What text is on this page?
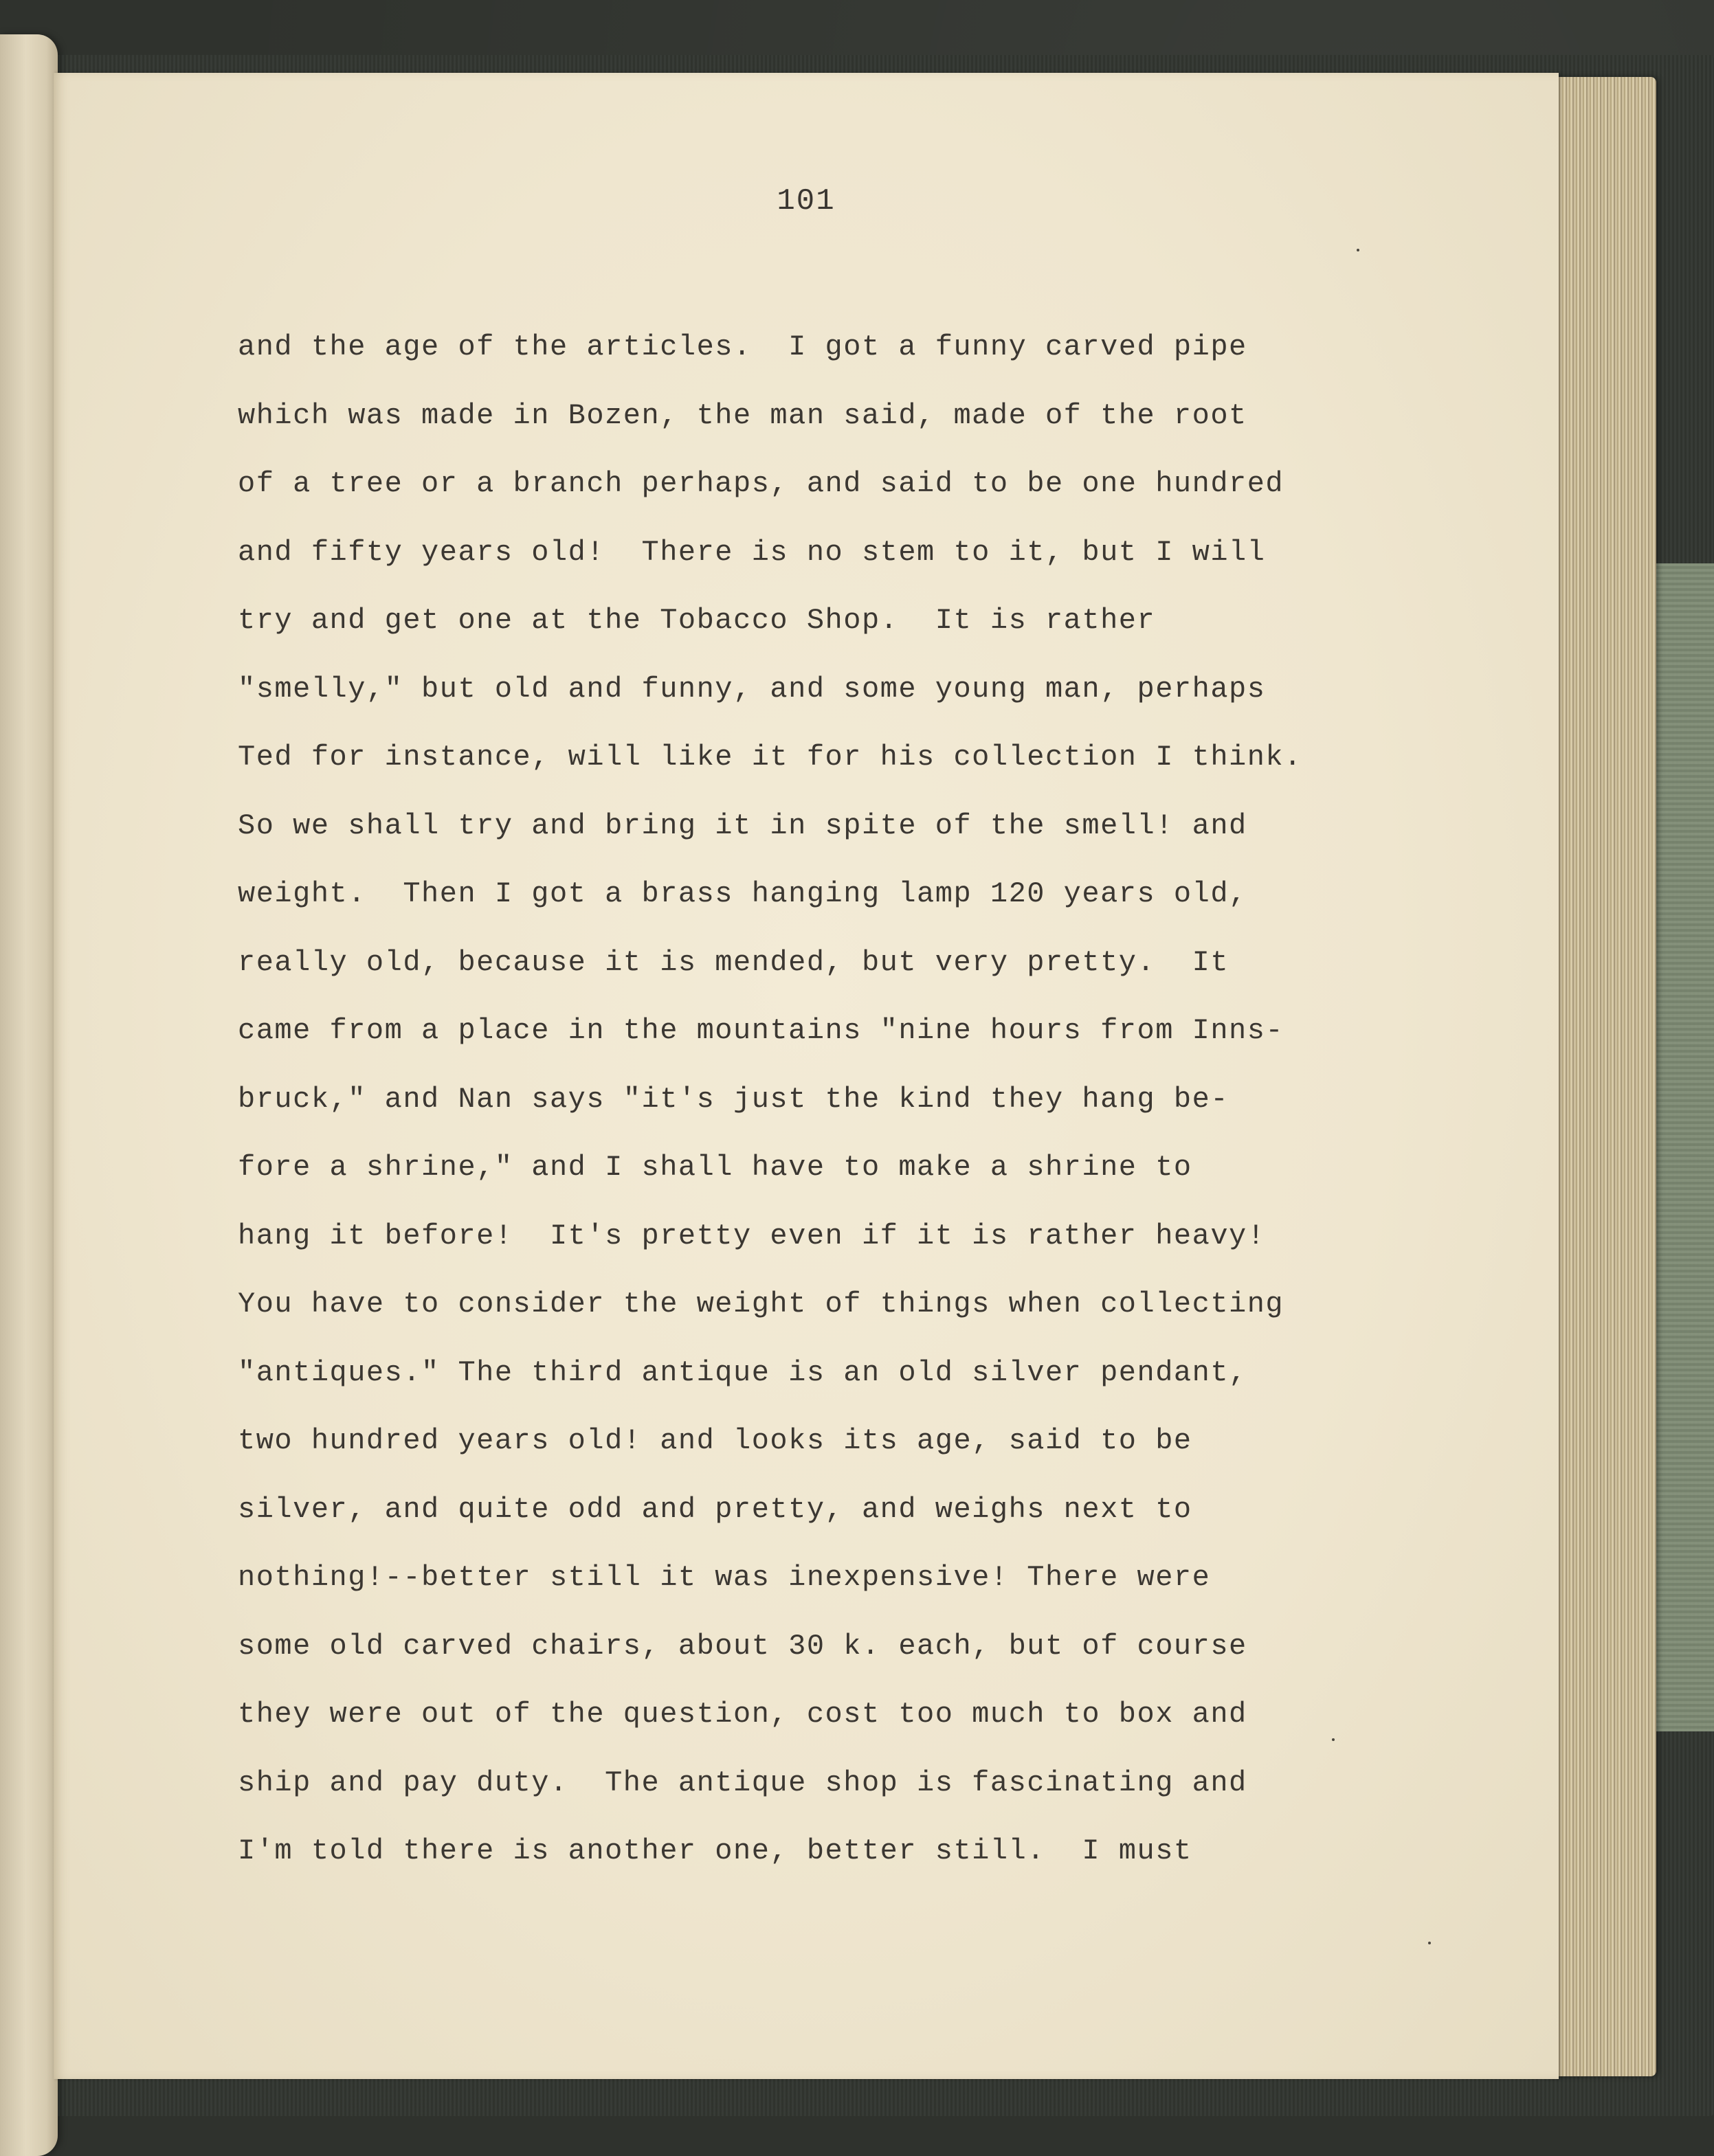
101
and the age of the articles.  I got a funny carved pipe
which was made in Bozen, the man said, made of the root
of a tree or a branch perhaps, and said to be one hundred
and fifty years old!  There is no stem to it, but I will
try and get one at the Tobacco Shop.  It is rather
"smelly," but old and funny, and some young man, perhaps
Ted for instance, will like it for his collection I think.
So we shall try and bring it in spite of the smell! and
weight.  Then I got a brass hanging lamp 120 years old,
really old, because it is mended, but very pretty.  It
came from a place in the mountains "nine hours from Inns-
bruck," and Nan says "it's just the kind they hang be-
fore a shrine," and I shall have to make a shrine to
hang it before!  It's pretty even if it is rather heavy!
You have to consider the weight of things when collecting
"antiques." The third antique is an old silver pendant,
two hundred years old! and looks its age, said to be
silver, and quite odd and pretty, and weighs next to
nothing!--better still it was inexpensive! There were
some old carved chairs, about 30 k. each, but of course
they were out of the question, cost too much to box and
ship and pay duty.  The antique shop is fascinating and
I'm told there is another one, better still.  I must
